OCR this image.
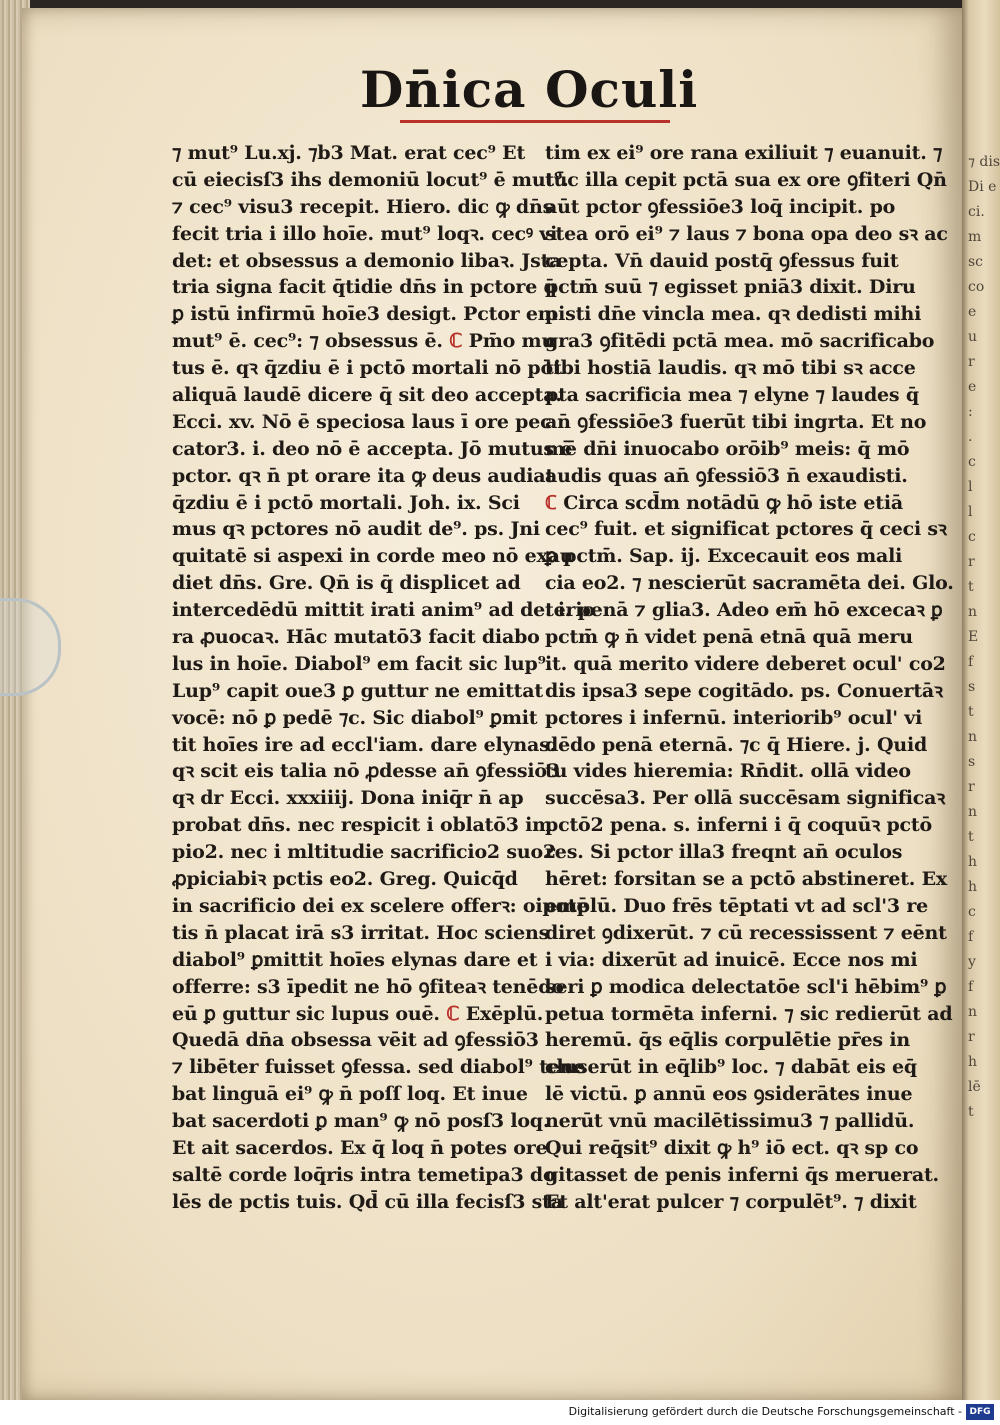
⁊ dis
Di e
ci.
m
sc
co
e
u
r
e
:
.
c
l
l
c
r
t
n
E
f
s
t
n
s
r
n
t
h
h
c
f
y
f
n
r
h
lē
t
Dn̄ica Oculi
⁊ mut⁹ Lu.xj. ⁊b3 Mat. erat cec⁹ Et
cū eiecisſ3 ihs demoniū locut⁹ ē mut⁹.
⁊ cec⁹ visu3 recepit. Hiero. dic ꝙ dn̄s
fecit tria i illo hoīe. mut⁹ loqꝛ. cecꝰ vi
det: et obsessus a demonio libaꝛ. Jsta
tria signa facit q̄tidie dn̄s in pctore q̄
ꝑ istū infirmū hoīe3 desigt. Pctor em
mut⁹ ē. cec⁹: ⁊ obsessus ē. ℂ Pm̄o mu
tus ē. qꝛ q̄zdiu ē i pctō mortali nō pōt
aliquā laudē dicere q̄ sit deo accepta.
Ecci. xv. Nō ē speciosa laus ī ore pec
cator3. i. deo nō ē accepta. Jō mutus ē
pctor. qꝛ n̄ pt orare ita ꝙ deus audiat
q̄zdiu ē i pctō mortali. Joh. ix. Sci
mus qꝛ pctores nō audit de⁹. ps. Jni
quitatē si aspexi in corde meo nō exau
diet dn̄s. Gre. Qn̄ is q̄ displicet ad
intercedēdū mittit irati anim⁹ ad deterio
ra ꝓuocaꝛ. Hāc mutatō3 facit diabo
lus in hoīe. Diabol⁹ em facit sic lup⁹.
Lup⁹ capit oue3 ꝑ guttur ne emittat
vocē: nō ꝑ pedē ⁊c. Sic diabol⁹ ꝑmit
tit hoīes ire ad eccl'iam. dare elynas.
qꝛ scit eis talia nō ꝓdesse an̄ ꝯfessiō3
qꝛ dr Ecci. xxxiiij. Dona iniq̄r n̄ ap
probat dn̄s. nec respicit i oblatō3 im
pio2. nec i mltitudie sacrificio2 suo2
ꝓpiciabiꝛ pctis eo2. Greg. Quicq̄d
in sacrificio dei ex scelere offerꝛ: oipotē
tis n̄ placat irā s3 irritat. Hoc sciens
diabol⁹ ꝑmittit hoīes elynas dare et
offerre: s3 īpedit ne hō ꝯfiteaꝛ tenēdo
eū ꝑ guttur sic lupus ouē. ℂ Exēplū.
Quedā dn̄a obsessa vēit ad ꝯfessiō3
⁊ libēter fuisset ꝯfessa. sed diabol⁹ tene
bat linguā ei⁹ ꝙ n̄ poſſ loq. Et inue
bat sacerdoti ꝑ man⁹ ꝙ nō posſ3 loq.
Et ait sacerdos. Ex q̄ loq n̄ potes ore
saltē corde loq̄ris intra temetipa3 do
lēs de pctis tuis. Qd̄ cū illa fecisſ3 sta
tim ex ei⁹ ore rana exiliuit ⁊ euanuit. ⁊
tūc illa cepit pctā sua ex ore ꝯfiteri Qn̄
aūt pctor ꝯfessiōe3 loq̄ incipit. po
stea orō ei⁹ ⁊ laus ⁊ bona opa deo sꝛ ac
cepta. Vn̄ dauid postq̄ ꝯfessus fuit
pctm̄ suū ⁊ egisset pniā3 dixit. Diru
pisti dn̄e vincla mea. qꝛ dedisti mihi
gra3 ꝯfitēdi pctā mea. mō sacrificabo
tibi hostiā laudis. qꝛ mō tibi sꝛ acce
pta sacrificia mea ⁊ elyne ⁊ laudes q̄
an̄ ꝯfessiōe3 fuerūt tibi ingrta. Et no
mē dn̄i inuocabo orōib⁹ meis: q̄ mō
audis quas an̄ ꝯfessiō3 n̄ exaudisti.
ℂ Circa scd̄m notādū ꝙ hō iste etiā
cec⁹ fuit. et significat pctores q̄ ceci sꝛ
ꝑ pctm̄. Sap. ij. Excecauit eos mali
cia eo2. ⁊ nescierūt sacramēta dei. Glo.
. i. penā ⁊ glia3. Adeo em̄ hō excecaꝛ ꝑ
pctm̄ ꝙ n̄ videt penā etnā quā meru
it. quā merito videre deberet ocul' co2
dis ipsa3 sepe cogitādo. ps. Conuertāꝛ
pctores i infernū. interiorib⁹ ocul' vi
dēdo penā eternā. ⁊c q̄ Hiere. j. Quid
tu vides hieremia: Rn̄dit. ollā video
succēsa3. Per ollā succēsam significaꝛ
pctō2 pena. s. inferni i q̄ coquūꝛ pctō
res. Si pctor illa3 freqnt an̄ oculos
hēret: forsitan se a pctō abstineret. Ex
emplū. Duo frēs tēptati vt ad scl'3 re
diret ꝯdixerūt. ⁊ cū recessissent ⁊ eēnt
i via: dixerūt ad inuicē. Ecce nos mi
seri ꝑ modica delectatōe scl'i hēbim⁹ ꝑ
petua tormēta inferni. ⁊ sic redierūt ad
heremū. q̄s eq̄lis corpulētie pr̄es in
cluserūt in eq̄lib⁹ loc. ⁊ dabāt eis eq̄
lē victū. ꝑ annū eos ꝯsiderātes inue
nerūt vnū macilētissimu3 ⁊ pallidū.
Qui req̄sit⁹ dixit ꝙ h⁹ iō ect. qꝛ sp co
gitasset de penis inferni q̄s meruerat.
Et alt'erat pulcer ⁊ corpulēt⁹. ⁊ dixit
Digitalisierung gefördert durch die Deutsche Forschungsgemeinschaft - DFG
